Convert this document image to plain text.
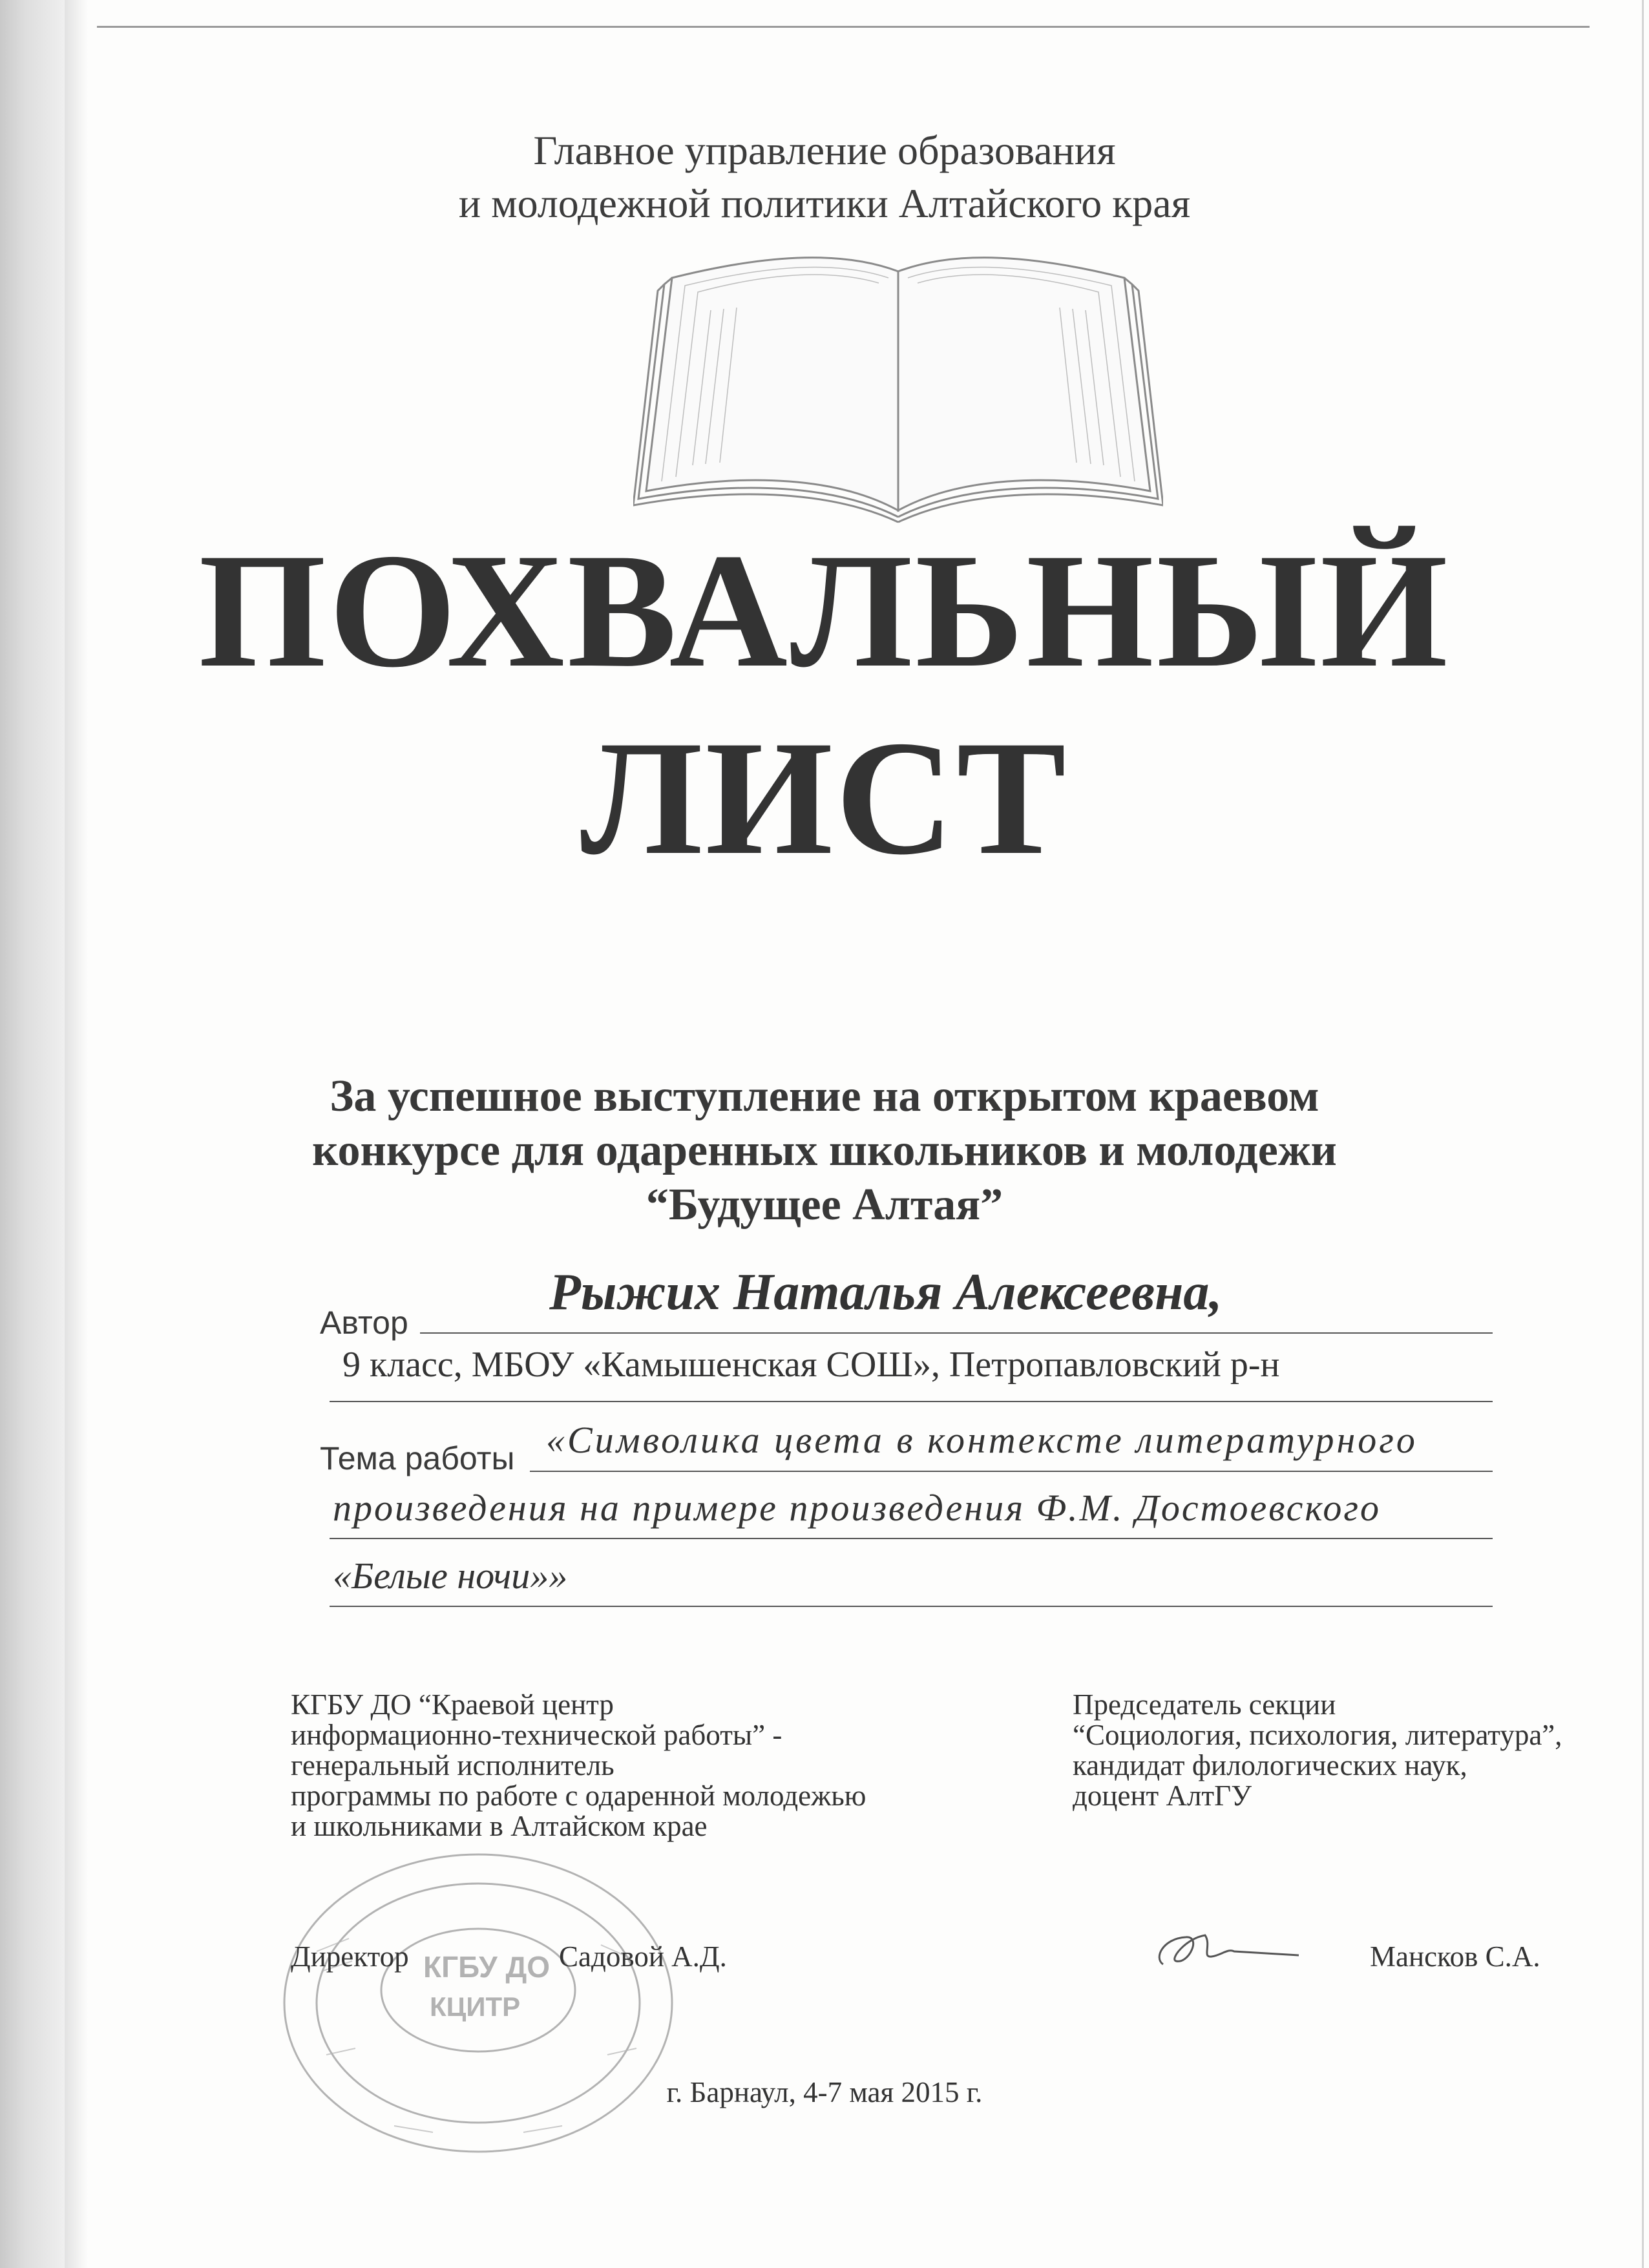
Главное управление образования
и молодежной политики Алтайского края
ПОХВАЛЬНЫЙ
ЛИСТ
За успешное выступление на открытом краевом
конкурсе для одаренных школьников и молодежи
“Будущее Алтая”
Автор
Рыжих Наталья Алексеевна,
9 класс, МБОУ «Камышенская СОШ», Петропавловский р-н
Тема работы «Символика цвета в контексте литературного
произведения на примере произведения Ф.М. Достоевского
«Белые ночи»»
КГБУ ДО “Краевой центр
информационно-технической работы” -
генеральный исполнитель
программы по работе с одаренной молодежью
и школьниками в Алтайском крае
Председатель секции
“Социология, психология, литература”,
кандидат филологических наук,
доцент АлтГУ
КГБУ ДО
КЦИТР
Директор	Садовой А.Д.	Мансков С.А.
г. Барнаул, 4-7 мая 2015 г.
